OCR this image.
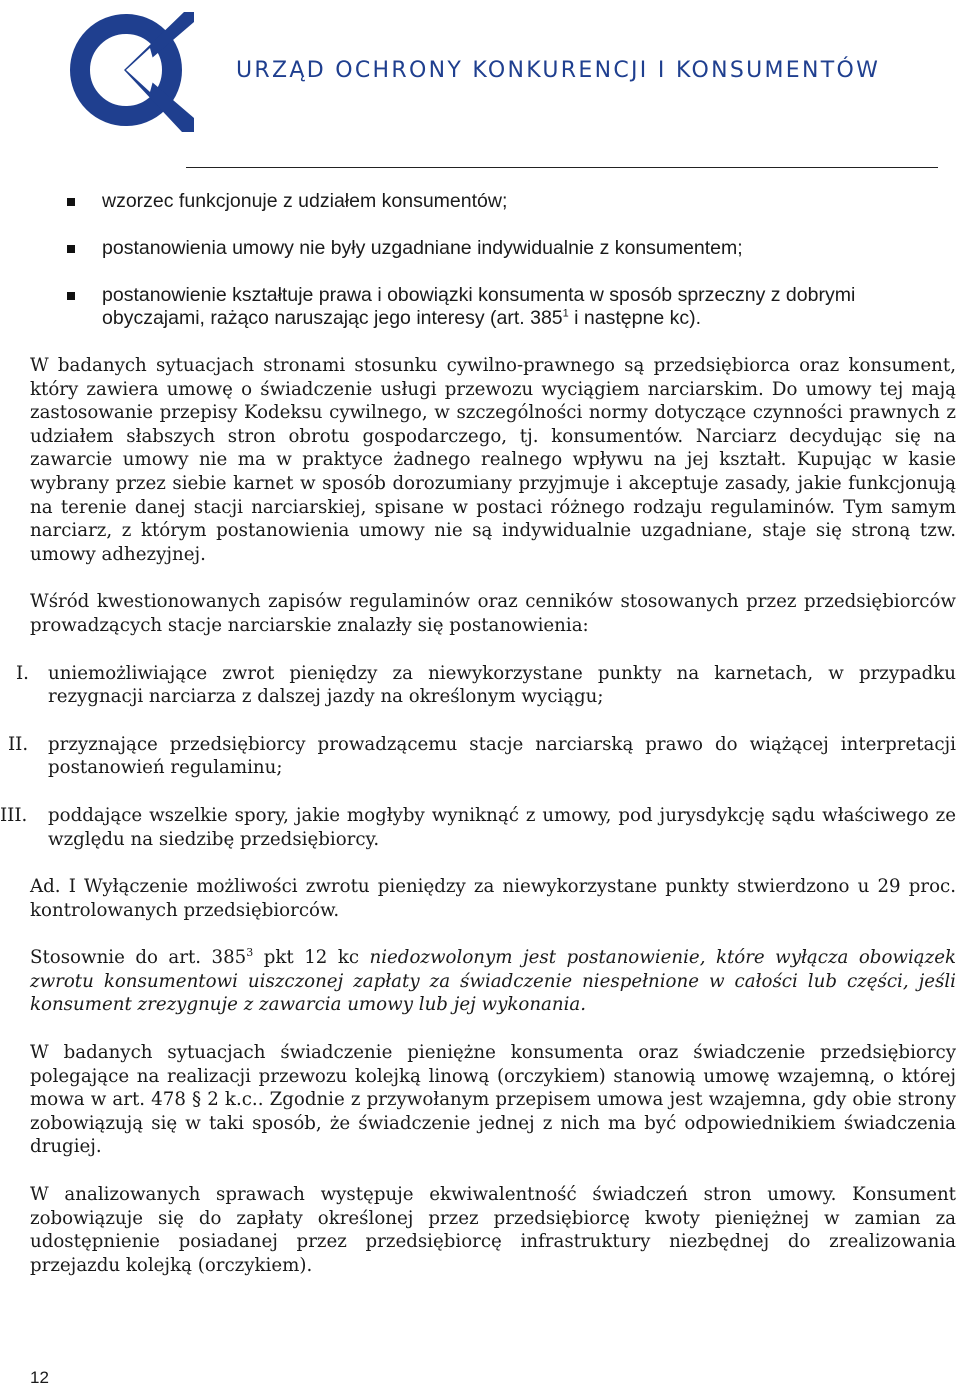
URZĄD OCHRONY KONKURENCJI I KONSUMENTÓW
wzorzec funkcjonuje z udziałem konsumentów;
postanowienia umowy nie były uzgadniane indywidualnie z konsumentem;
postanowienie kształtuje prawa i obowiązki konsumenta w sposób sprzeczny z dobrymi obyczajami, rażąco naruszając jego interesy (art. $385^1$ i następne kc).

W badanych sytuacjach stronami stosunku cywilno-prawnego są przedsiębiorca oraz konsument, który zawiera umowę o świadczenie usługi przewozu wyciągiem narciarskim. Do umowy tej mają zastosowanie przepisy Kodeksu cywilnego, w szczególności normy dotyczące czynności prawnych z udziałem słabszych stron obrotu gospodarczego, tj. konsumentów. Narciarz decydując się na zawarcie umowy nie ma w praktyce żadnego realnego wpływu na jej kształt. Kupując w kasie wybrany przez siebie karnet w sposób dorozumiany przyjmuje i akceptuje zasady, jakie funkcjonują na terenie danej stacji narciarskiej, spisane w postaci różnego rodzaju regulaminów. Tym samym narciarz, z którym postanowienia umowy nie są indywidualnie uzgadniane, staje się stroną tzw. umowy adhezyjnej.

Wśród kwestionowanych zapisów regulaminów oraz cenników stosowanych przez przedsiębiorców prowadzących stacje narciarskie znalazły się postanowienia:

I. uniemożliwiające zwrot pieniędzy za niewykorzystane punkty na karnetach, w przypadku rezygnacji narciarza z dalszej jazdy na określonym wyciągu;

II. przyznające przedsiębiorcy prowadzącemu stacje narciarską prawo do wiążącej interpretacji postanowień regulaminu;

III. poddające wszelkie spory, jakie mogłyby wyniknąć z umowy, pod jurysdykcję sądu właściwego ze względu na siedzibę przedsiębiorcy.

Ad. I Wyłączenie możliwości zwrotu pieniędzy za niewykorzystane punkty stwierdzono u 29 proc. kontrolowanych przedsiębiorców.

Stosownie do art. $385^3$ pkt 12 kc niedozwolonym jest postanowienie, które wyłącza obowiązek zwrotu konsumentowi uiszczonej zapłaty za świadczenie niespełnione w całości lub części, jeśli konsument zrezygnuje z zawarcia umowy lub jej wykonania.

W badanych sytuacjach świadczenie pieniężne konsumenta oraz świadczenie przedsiębiorcy polegające na realizacji przewozu kolejką linową (orczykiem) stanowią umowę wzajemną, o której mowa w art. 478 § 2 k.c.. Zgodnie z przywołanym przepisem umowa jest wzajemna, gdy obie strony zobowiązują się w taki sposób, że świadczenie jednej z nich ma być odpowiednikiem świadczenia drugiej.

W analizowanych sprawach występuje ekwiwalentność świadczeń stron umowy. Konsument zobowiązuje się do zapłaty określonej przez przedsiębiorcę kwoty pieniężnej w zamian za udostępnienie posiadanej przez przedsiębiorcę infrastruktury niezbędnej do zrealizowania przejazdu kolejką (orczykiem).

12
